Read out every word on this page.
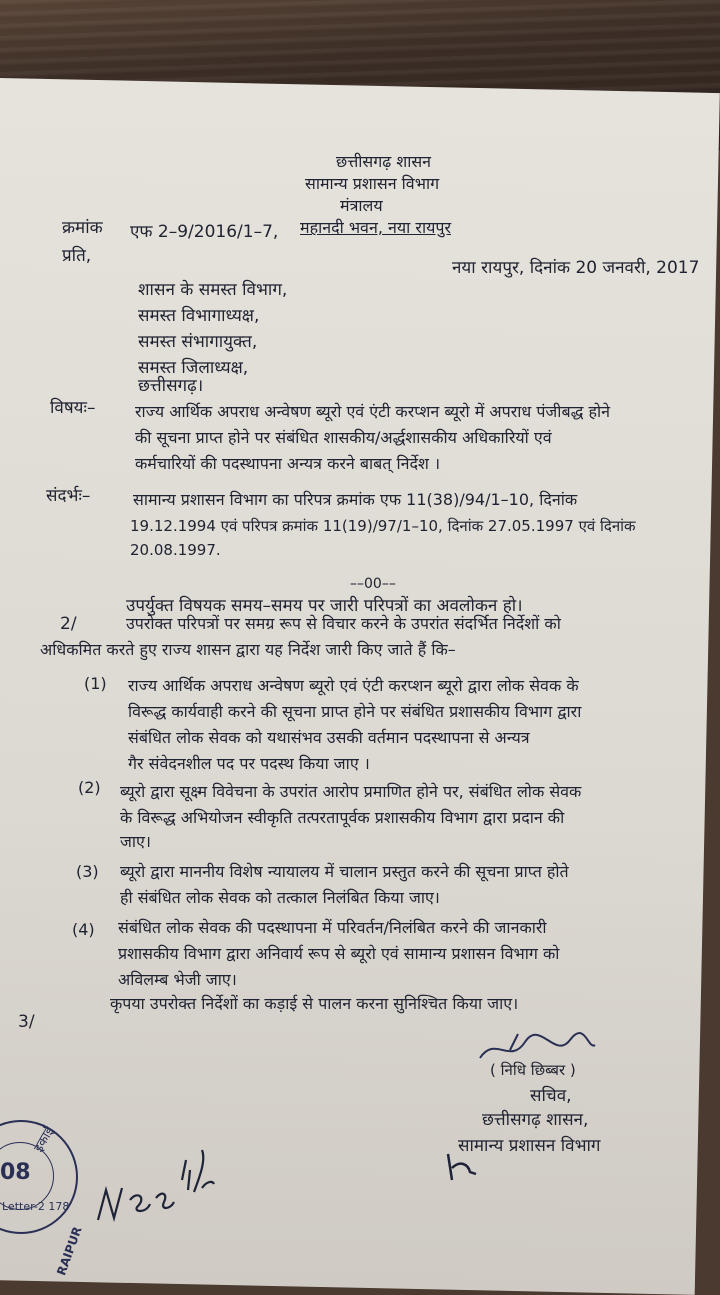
छत्तीसगढ़ शासन
सामान्य प्रशासन विभाग
मंत्रालय
महानदी भवन, नया रायपुर
क्रमांक एफ 2–9/2016/1–7,
प्रति,
नया रायपुर, दिनांक 20 जनवरी, 2017
शासन के समस्त विभाग,
समस्त विभागाध्यक्ष,
समस्त संभागायुक्त,
समस्त जिलाध्यक्ष,
छत्तीसगढ़।
विषयः– राज्य आर्थिक अपराध अन्वेषण ब्यूरो एवं एंटी करप्शन ब्यूरो में अपराध पंजीबद्ध होने
की सूचना प्राप्त होने पर संबंधित शासकीय/अर्द्धशासकीय अधिकारियों एवं
कर्मचारियों की पदस्थापना अन्यत्र करने बाबत् निर्देश ।
संदर्भः–	सामान्य प्रशासन विभाग का परिपत्र क्रमांक एफ 11(38)/94/1–10, दिनांक
19.12.1994 एवं परिपत्र क्रमांक 11(19)/97/1–10, दिनांक 27.05.1997 एवं दिनांक
20.08.1997.
––00––
उपर्युक्त विषयक समय–समय पर जारी परिपत्रों का अवलोकन हो।
2/	उपरोक्त परिपत्रों पर समग्र रूप से विचार करने के उपरांत संदर्भित निर्देशों को
अधिकमित करते हुए राज्य शासन द्वारा यह निर्देश जारी किए जाते हैं कि–
(1) राज्य आर्थिक अपराध अन्वेषण ब्यूरो एवं एंटी करप्शन ब्यूरो द्वारा लोक सेवक के
विरूद्ध कार्यवाही करने की सूचना प्राप्त होने पर संबंधित प्रशासकीय विभाग द्वारा
संबंधित लोक सेवक को यथासंभव उसकी वर्तमान पदस्थापना से अन्यत्र
गैर संवेदनशील पद पर पदस्थ किया जाए ।
(2) ब्यूरो द्वारा सूक्ष्म विवेचना के उपरांत आरोप प्रमाणित होने पर, संबंधित लोक सेवक
के विरूद्ध अभियोजन स्वीकृति तत्परतापूर्वक प्रशासकीय विभाग द्वारा प्रदान की
जाए।
(3) ब्यूरो द्वारा माननीय विशेष न्यायालय में चालान प्रस्तुत करने की सूचना प्राप्त होते
ही संबंधित लोक सेवक को तत्काल निलंबित किया जाए।
(4) संबंधित लोक सेवक की पदस्थापना में परिवर्तन/निलंबित करने की जानकारी
प्रशासकीय विभाग द्वारा अनिवार्य रूप से ब्यूरो एवं सामान्य प्रशासन विभाग को
अविलम्ब भेजी जाए।
3/
कृपया उपरोक्त निर्देशों का कड़ाई से पालन करना सुनिश्चित किया जाए।
( निधि छिब्बर )
सचिव,
छत्तीसगढ़ शासन,
सामान्य प्रशासन विभाग
इकाई
08
Letter-2 178
RAIPUR
